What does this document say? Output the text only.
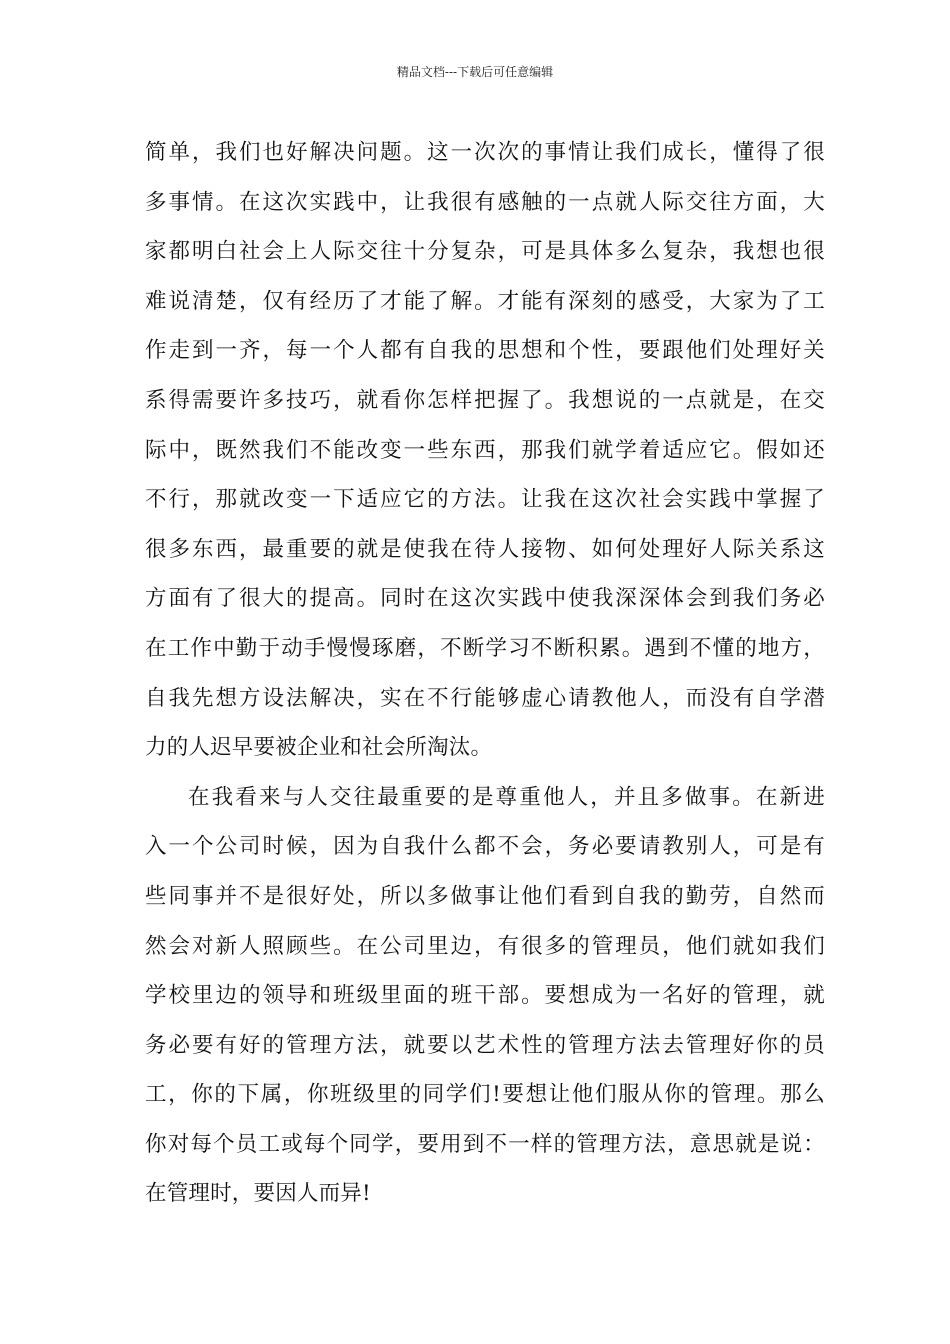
精品文档---下载后可任意编辑
简单，我们也好解决问题。这一次次的事情让我们成长，懂得了很
多事情。在这次实践中，让我很有感触的一点就人际交往方面，大
家都明白社会上人际交往十分复杂，可是具体多么复杂，我想也很
难说清楚，仅有经历了才能了解。才能有深刻的感受，大家为了工
作走到一齐，每一个人都有自我的思想和个性，要跟他们处理好关
系得需要许多技巧，就看你怎样把握了。我想说的一点就是，在交
际中，既然我们不能改变一些东西，那我们就学着适应它。假如还
不行，那就改变一下适应它的方法。让我在这次社会实践中掌握了
很多东西，最重要的就是使我在待人接物、如何处理好人际关系这
方面有了很大的提高。同时在这次实践中使我深深体会到我们务必
在工作中勤于动手慢慢琢磨，不断学习不断积累。遇到不懂的地方，
自我先想方设法解决，实在不行能够虚心请教他人，而没有自学潜
力的人迟早要被企业和社会所淘汰。
在我看来与人交往最重要的是尊重他人，并且多做事。在新进
入一个公司时候，因为自我什么都不会，务必要请教别人，可是有
些同事并不是很好处，所以多做事让他们看到自我的勤劳，自然而
然会对新人照顾些。在公司里边，有很多的管理员，他们就如我们
学校里边的领导和班级里面的班干部。要想成为一名好的管理，就
务必要有好的管理方法，就要以艺术性的管理方法去管理好你的员
工，你的下属，你班级里的同学们!要想让他们服从你的管理。那么
你对每个员工或每个同学，要用到不一样的管理方法，意思就是说：
在管理时，要因人而异!
